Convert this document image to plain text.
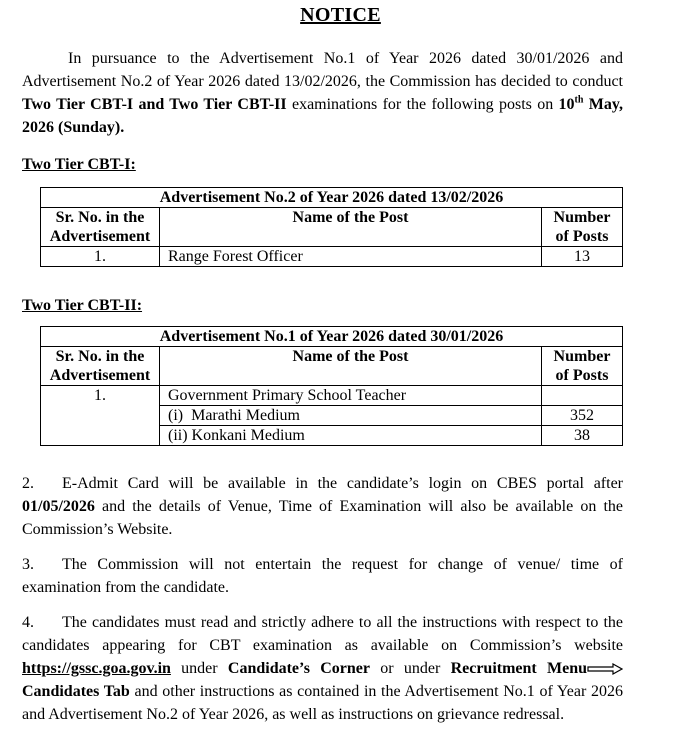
NOTICE
In pursuance to the Advertisement No.1 of Year 2026 dated 30/01/2026 and Advertisement No.2 of Year 2026 dated 13/02/2026, the Commission has decided to conduct Two Tier CBT-I and Two Tier CBT-II examinations for the following posts on 10th May, 2026 (Sunday).
Two Tier CBT-I:
Advertisement No.2 of Year 2026 dated 13/02/2026		
Sr. No. in the Advertisement	Name of the Post	Number of Posts
1.	Range Forest Officer	13
Two Tier CBT-II:
Advertisement No.1 of Year 2026 dated 30/01/2026		
Sr. No. in the Advertisement	Name of the Post	Number of Posts
1.	Government Primary School Teacher	
	(i)  Marathi Medium	352
	(ii) Konkani Medium	38
2. E-Admit Card will be available in the candidate’s login on CBES portal after 01/05/2026 and the details of Venue, Time of Examination will also be available on the Commission’s Website.
3. The Commission will not entertain the request for change of venue/ time of examination from the candidate.
4. The candidates must read and strictly adhere to all the instructions with respect to the candidates appearing for CBT examination as available on Commission’s website https://gssc.goa.gov.in under Candidate’s Corner or under Recruitment Menu Candidates Tab and other instructions as contained in the Advertisement No.1 of Year 2026 and Advertisement No.2 of Year 2026, as well as instructions on grievance redressal.
